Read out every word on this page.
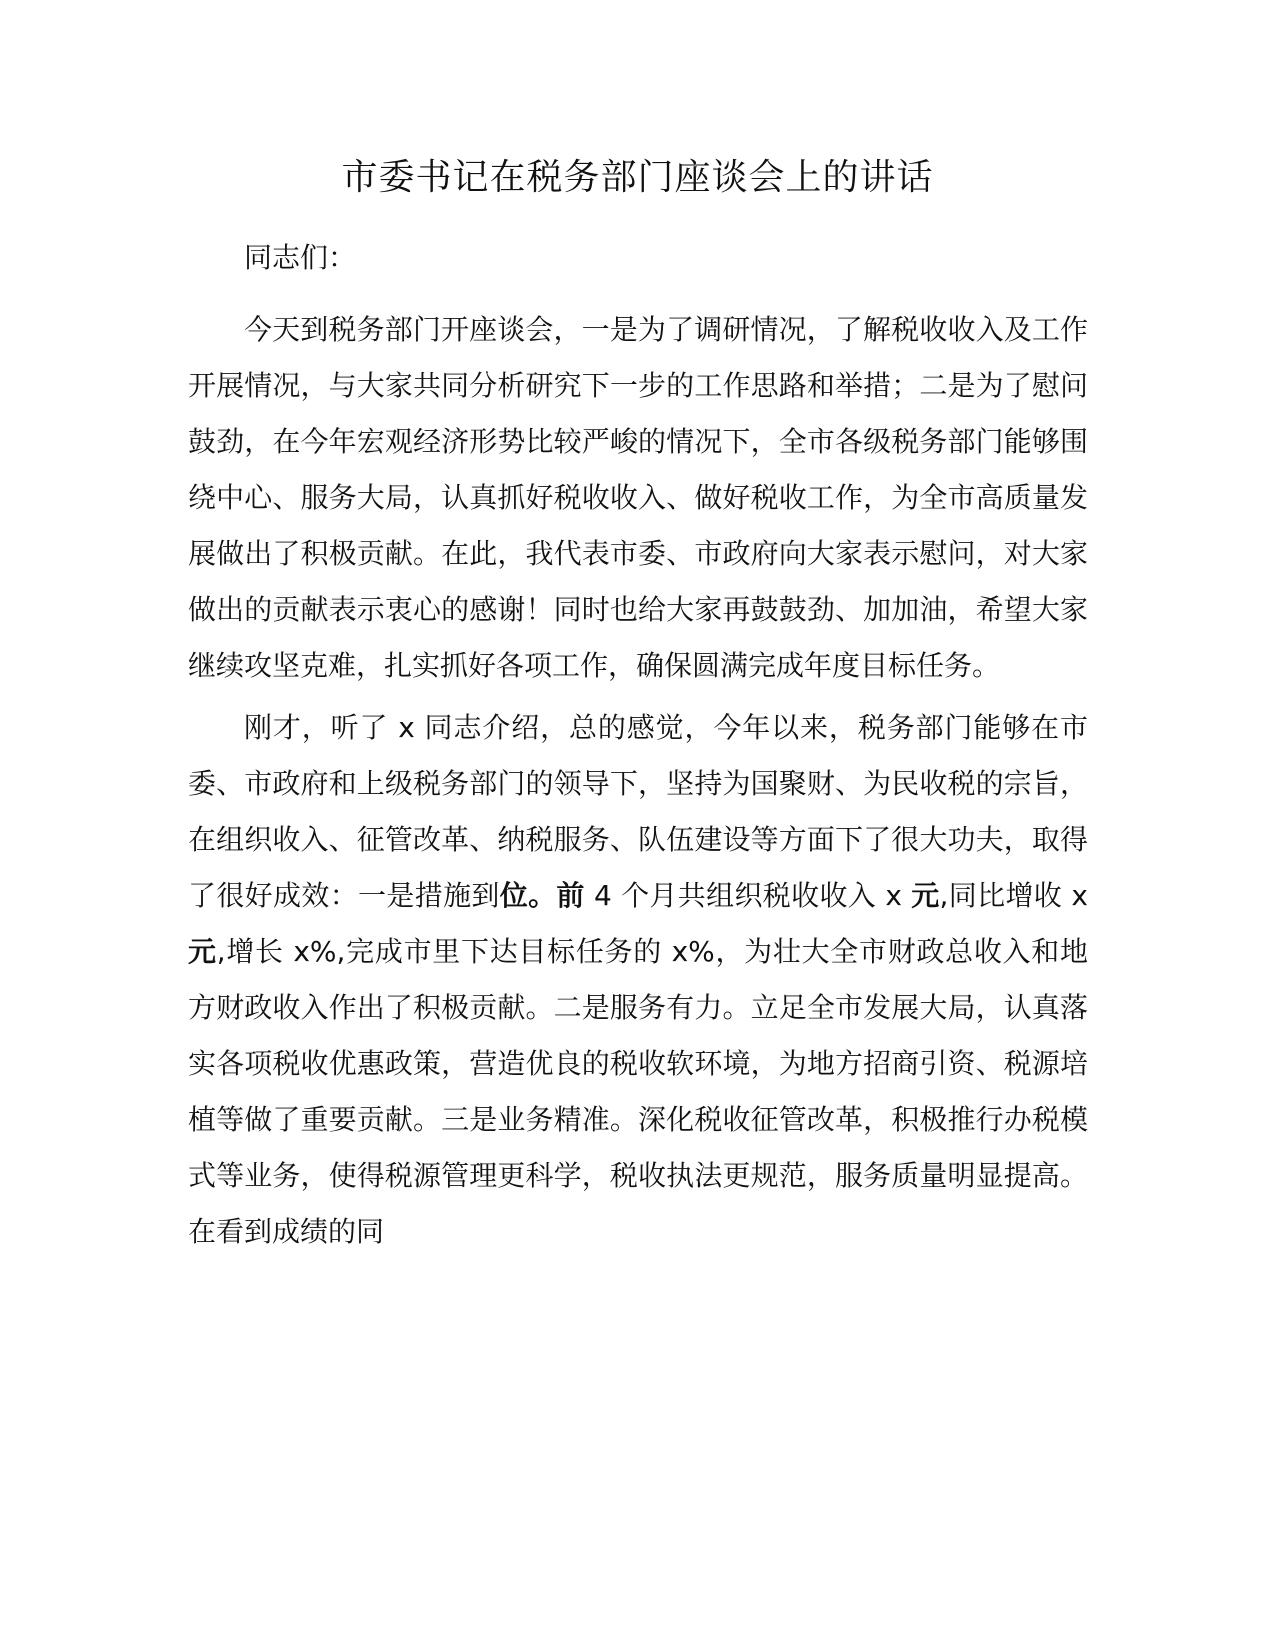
市委书记在税务部门座谈会上的讲话

同志们：

今天到税务部门开座谈会，一是为了调研情况，了解税收收入及工作开展情况，与大家共同分析研究下一步的工作思路和举措；二是为了慰问鼓劲，在今年宏观经济形势比较严峻的情况下，全市各级税务部门能够围绕中心、服务大局，认真抓好税收收入、做好税收工作，为全市高质量发展做出了积极贡献。在此，我代表市委、市政府向大家表示慰问，对大家做出的贡献表示衷心的感谢！同时也给大家再鼓鼓劲、加加油，希望大家继续攻坚克难，扎实抓好各项工作，确保圆满完成年度目标任务。

刚才，听了 x 同志介绍，总的感觉，今年以来，税务部门能够在市委、市政府和上级税务部门的领导下，坚持为国聚财、为民收税的宗旨，在组织收入、征管改革、纳税服务、队伍建设等方面下了很大功夫，取得了很好成效：一是措施到位。前 4 个月共组织税收收入 x 元,同比增收 x 元,增长 x%,完成市里下达目标任务的 x%，为壮大全市财政总收入和地方财政收入作出了积极贡献。二是服务有力。立足全市发展大局，认真落实各项税收优惠政策，营造优良的税收软环境，为地方招商引资、税源培植等做了重要贡献。三是业务精准。深化税收征管改革，积极推行办税模式等业务，使得税源管理更科学，税收执法更规范，服务质量明显提高。在看到成绩的同
